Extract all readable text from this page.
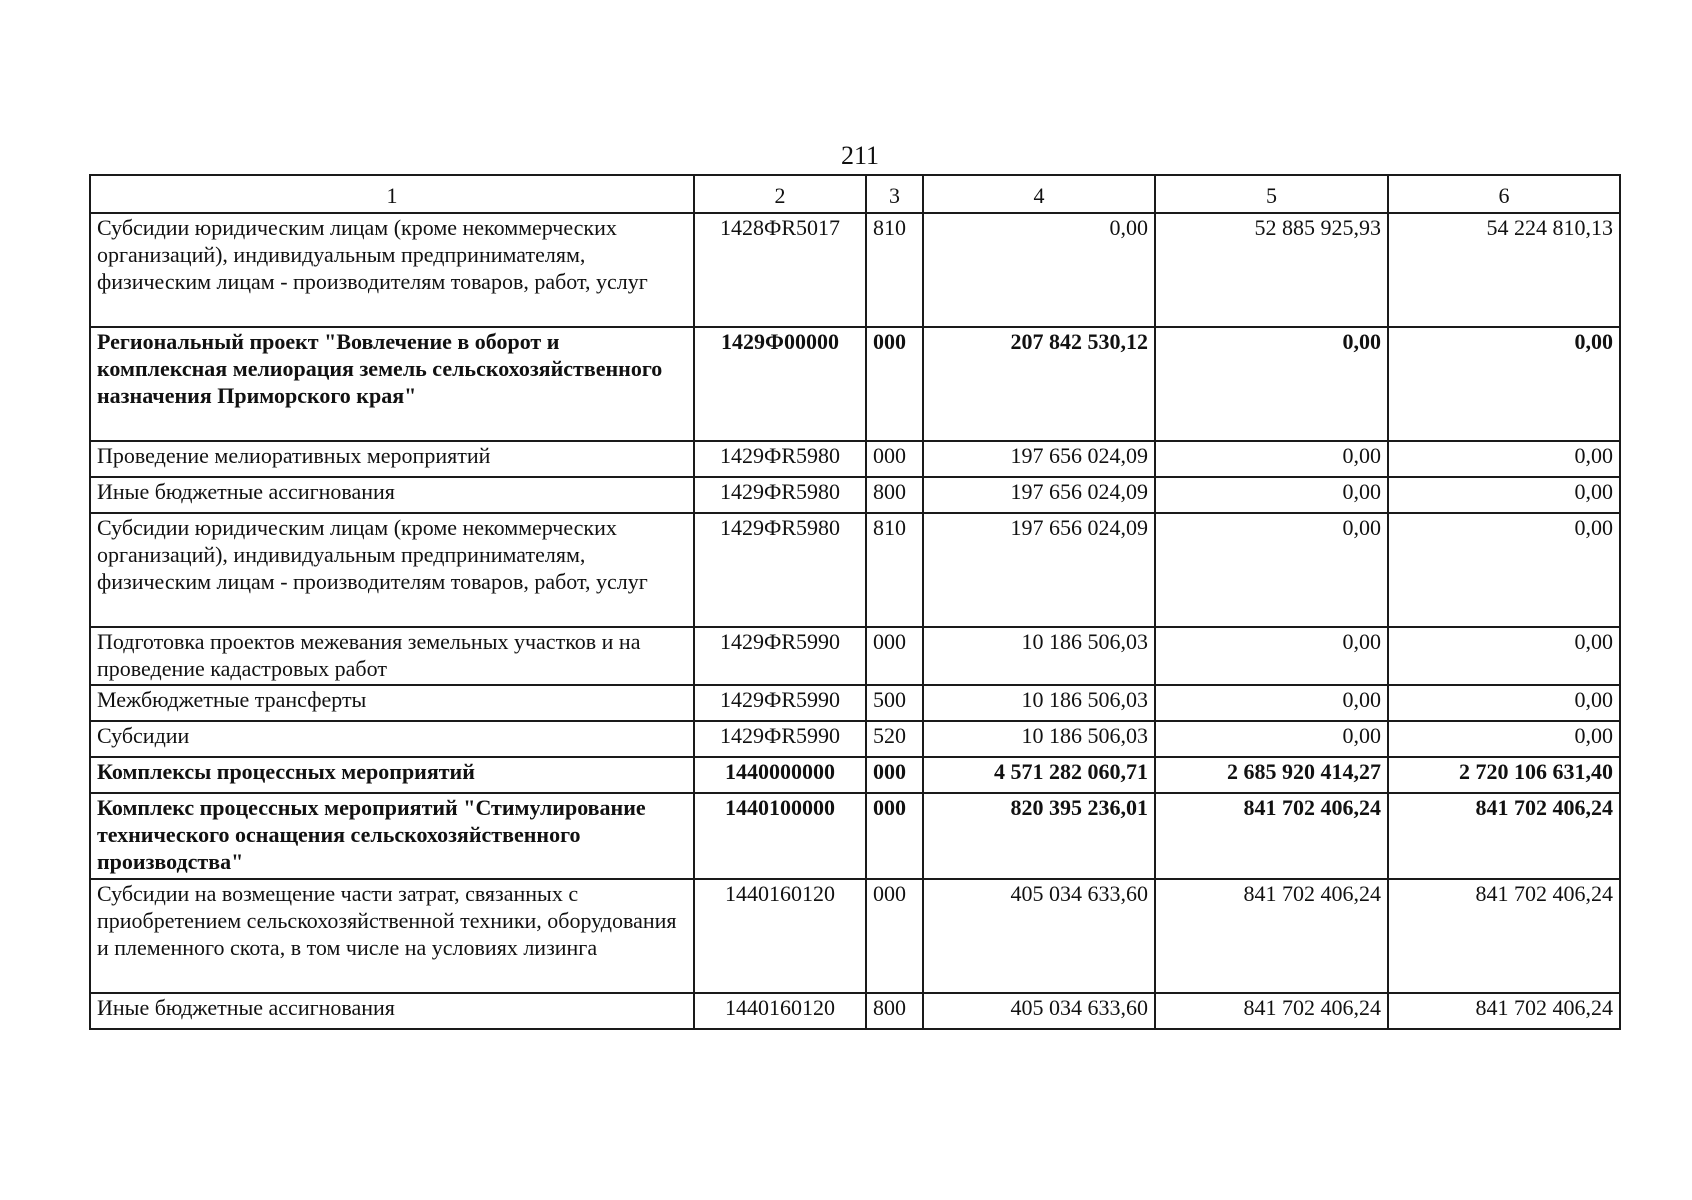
211
1	2	3	4	5	6
Субсидии юридическим лицам (кроме некоммерческих организаций), индивидуальным предпринимателям, физическим лицам - производителям товаров, работ, услуг	1428ФR5017	810	0,00	52 885 925,93	54 224 810,13
Региональный проект "Вовлечение в оборот и комплексная мелиорация земель сельскохозяйственного назначения Приморского края"	1429Ф00000	000	207 842 530,12	0,00	0,00
Проведение мелиоративных мероприятий	1429ФR5980	000	197 656 024,09	0,00	0,00
Иные бюджетные ассигнования	1429ФR5980	800	197 656 024,09	0,00	0,00
Субсидии юридическим лицам (кроме некоммерческих организаций), индивидуальным предпринимателям, физическим лицам - производителям товаров, работ, услуг	1429ФR5980	810	197 656 024,09	0,00	0,00
Подготовка проектов межевания земельных участков и на проведение кадастровых работ	1429ФR5990	000	10 186 506,03	0,00	0,00
Межбюджетные трансферты	1429ФR5990	500	10 186 506,03	0,00	0,00
Субсидии	1429ФR5990	520	10 186 506,03	0,00	0,00
Комплексы процессных мероприятий	1440000000	000	4 571 282 060,71	2 685 920 414,27	2 720 106 631,40
Комплекс процессных мероприятий "Стимулирование технического оснащения сельскохозяйственного производства"	1440100000	000	820 395 236,01	841 702 406,24	841 702 406,24
Субсидии на возмещение части затрат, связанных с приобретением сельскохозяйственной техники, оборудования и племенного скота, в том числе на условиях лизинга	1440160120	000	405 034 633,60	841 702 406,24	841 702 406,24
Иные бюджетные ассигнования	1440160120	800	405 034 633,60	841 702 406,24	841 702 406,24
